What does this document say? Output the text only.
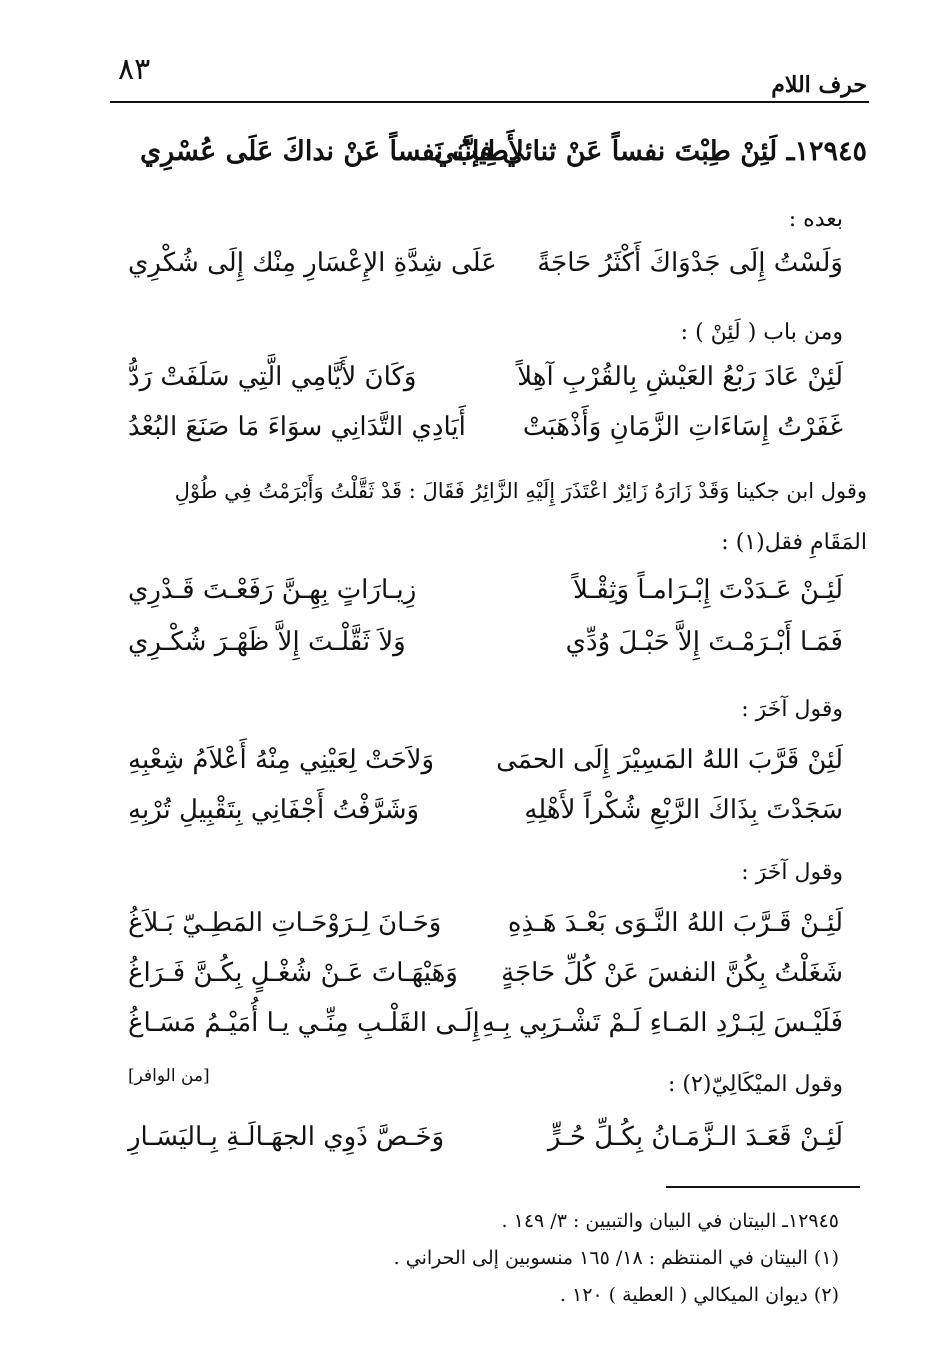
٨٣	حرف اللام
١٢٩٤٥ـ لَئِنْ طِبْتَ نفساً عَنْ ثنائي فإنَّني
لأَطِيبُ نَفساً عَنْ نداكَ عَلَى عُسْرِي
بعده :
وَلَسْتُ إِلَى جَدْوَاكَ أَكْثَرُ حَاجَةً
عَلَى شِدَّةِ الإِعْسَارِ مِنْك إِلَى شُكْرِي
ومن باب ( لَئِنْ ) :
لَئِنْ عَادَ رَبْعُ العَيْشِ بِالقُرْبِ آهِلاً
وَكَانَ لأَيَّامِي الَّتِي سَلَفَتْ رَدُّ
غَفَرْتُ إِسَاءَاتِ الزَّمَانِ وَأَذْهَبَتْ
أَيَادِي التَّدَانِي سوَاءَ مَا صَنَعَ البُعْدُ
وقول ابن جكينا وَقَدْ زَارَهُ زَائِرٌ اعْتَذَرَ إِلَيْهِ الزَّائِرُ فَقَالَ : قَدْ ثَقَّلْتُ وَأَبْرَمْتُ فِي طُوْلِ
المَقَامِ فقل(١) :
لَئِـنْ عَـدَدْتَ إِبْـرَامـاً وَثِقْـلاً
زِيـارَاتٍ بِهِـنَّ رَفَعْـتَ قَـدْرِي
فَمَـا أَبْـرَمْـتَ إِلاَّ حَبْـلَ وُدِّي
وَلاَ ثَقَّلْـتَ إِلاَّ ظَهْـرَ شُكْـرِي
وقول آخَرَ :
لَئِنْ قَرَّبَ اللهُ المَسِيْرَ إِلَى الحمَى
وَلاَحَتْ لِعَيْنِي مِنْهُ أَعْلاَمُ شِعْبِهِ
سَجَدْتَ بِذَاكَ الرَّبْعِ شُكْراً لأَهْلِهِ
وَشَرَّفْتُ أَجْفَانِي بِتَقْبِيلِ تُرْبِهِ
وقول آخَرَ :
لَئِـنْ قَـرَّبَ اللهُ النَّـوَى بَعْـدَ هَـذِهِ
وَحَـانَ لِـرَوْحَـاتِ المَطِـيّ بَـلاَغُ
شَغَلْتُ بِكُنَّ النفسَ عَنْ كُلِّ حَاجَةٍ
وَهَيْهَـاتَ عَـنْ شُغْـلٍ بِكُـنَّ فَـرَاغُ
فَلَيْـسَ لِبَـرْدِ المَـاءِ لَـمْ تَشْـرَبِي بِـهِ
إِلَـى القَلْـبِ مِنِّـي يـا أُمَيْـمُ مَسَـاغُ
وقول الميْكَالِيّ(٢) :
[من الوافر]
لَئِـنْ قَعَـدَ الـزَّمَـانُ بِكُـلِّ حُـرٍّ
وَخَـصَّ ذَوِي الجهَـالَـةِ بِـاليَسَـارِ
١٢٩٤٥ـ البيتان في البيان والتبيين : ٣/ ١٤٩ .
(١) البيتان في المنتظم : ١٨/ ١٦٥ منسوبين إلى الحراني .
(٢) ديوان الميكالي ( العطية ) ١٢٠ .
